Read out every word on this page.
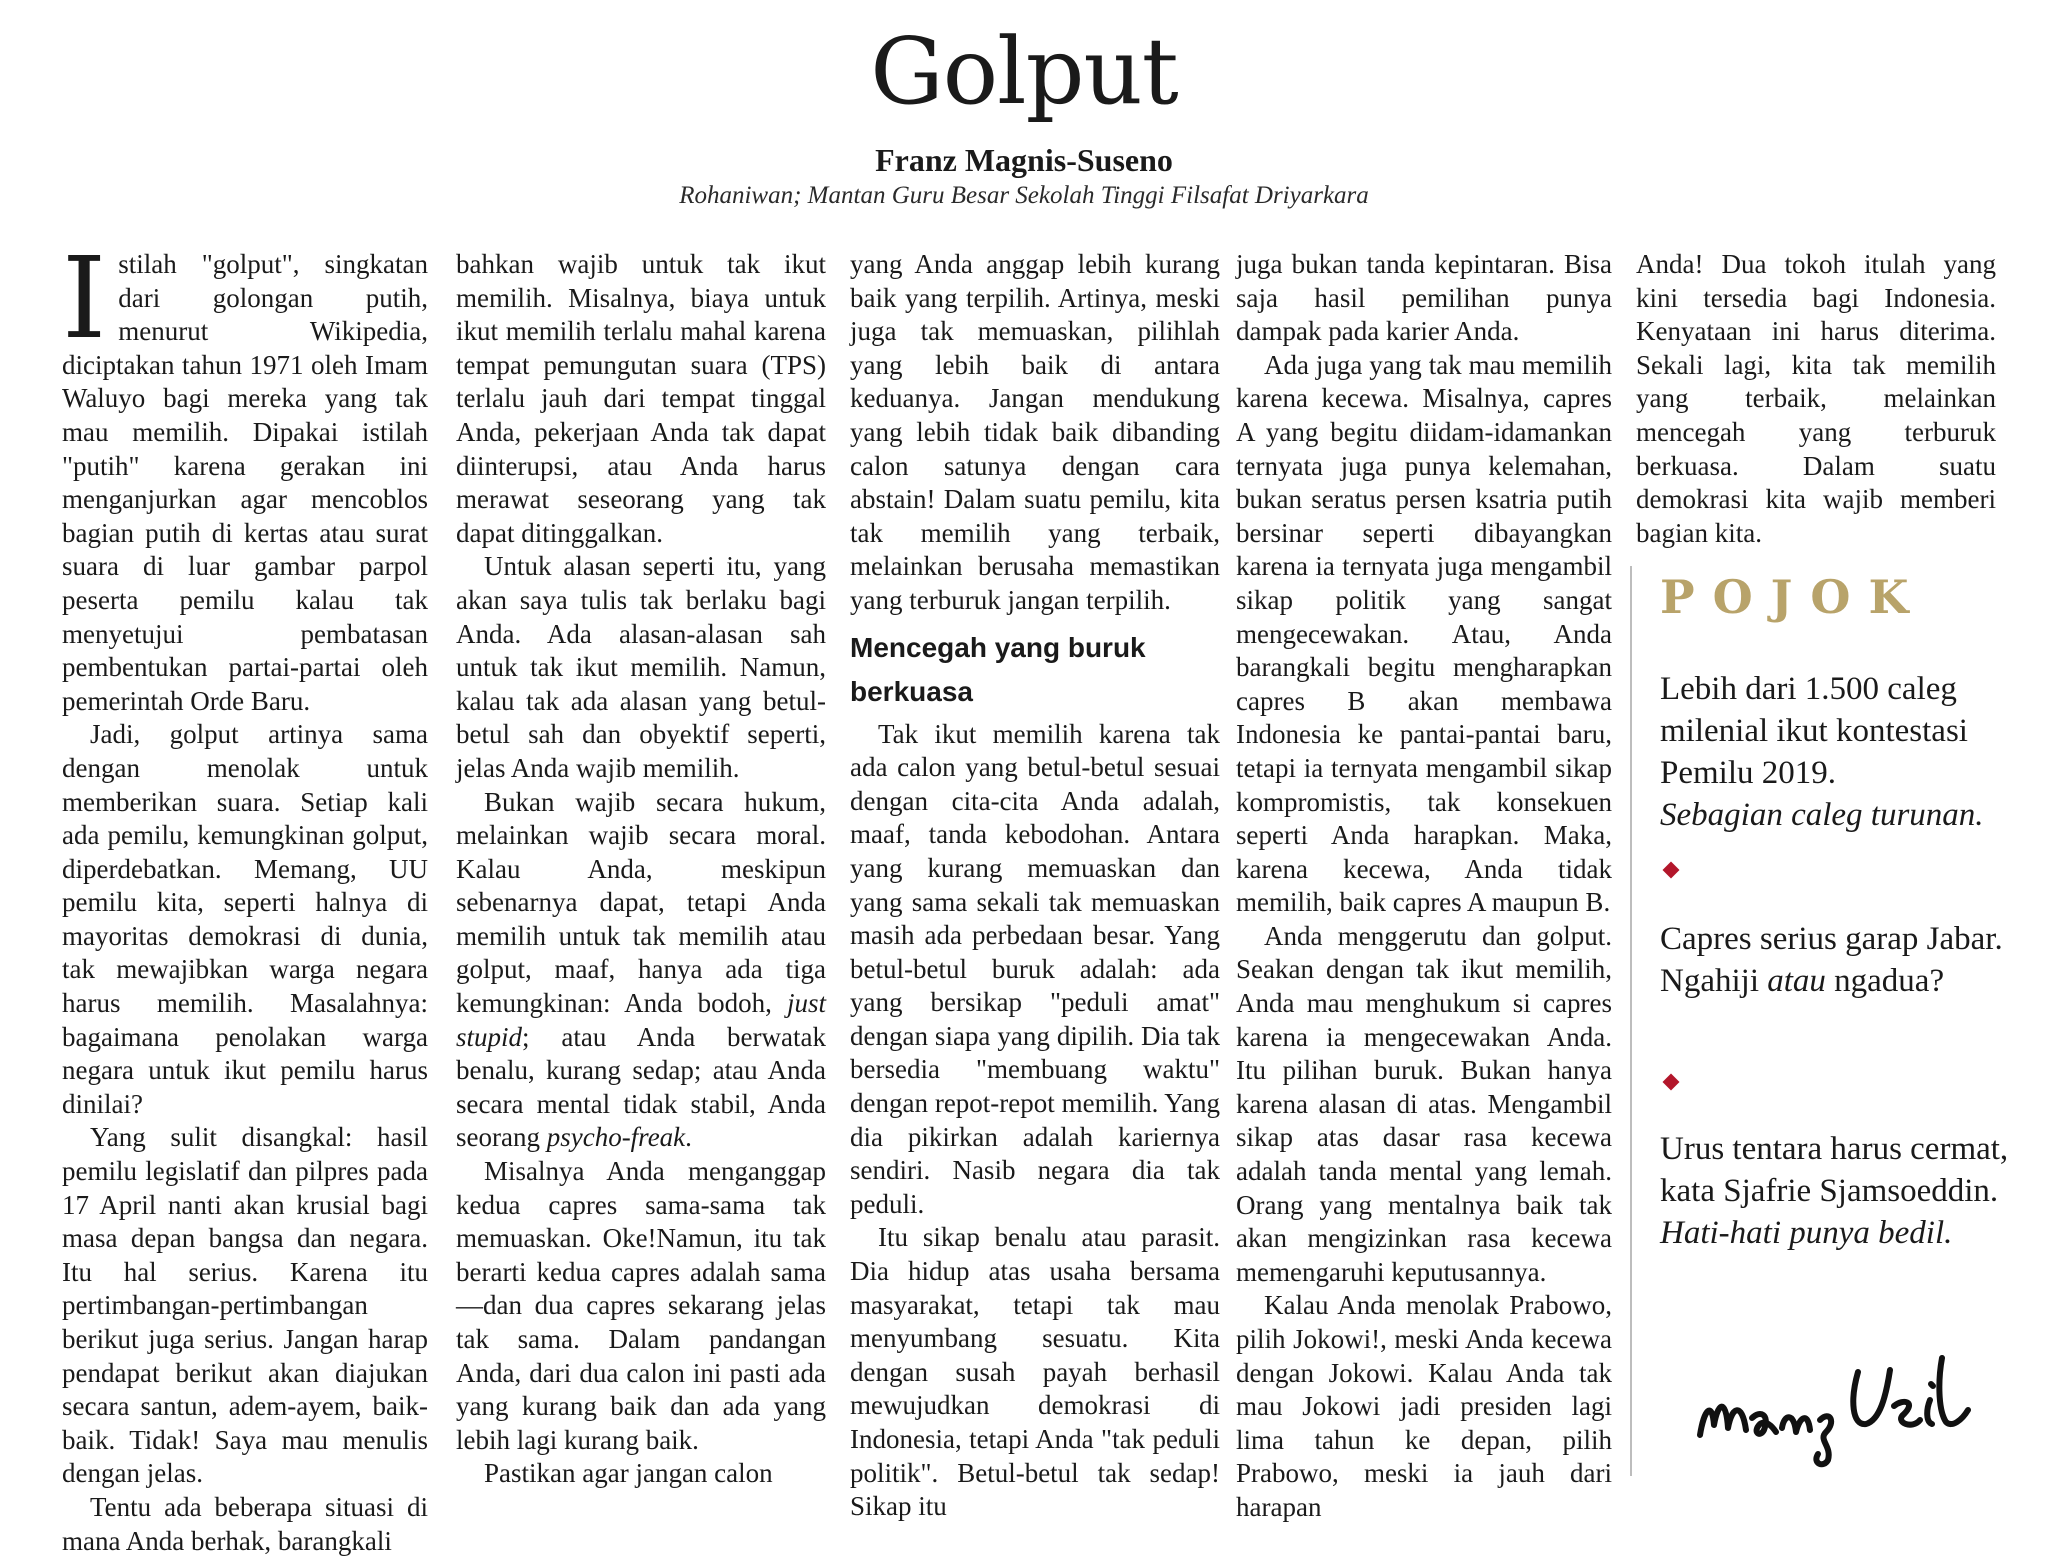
Golput

Franz Magnis-Suseno

Rohaniwan; Mantan Guru Besar Sekolah Tinggi Filsafat Driyarkara

Istilah "golput", singkatan dari golongan putih, menurut Wikipedia, diciptakan tahun 1971 oleh Imam Waluyo bagi mereka yang tak mau memilih. Dipakai istilah "putih" karena gerakan ini menganjurkan agar mencoblos bagian putih di kertas atau surat suara di luar gambar parpol peserta pemilu kalau tak menyetujui pembatasan pembentukan partai-partai oleh pemerintah Orde Baru.

Jadi, golput artinya sama dengan menolak untuk memberikan suara. Setiap kali ada pemilu, kemungkinan golput, diperdebatkan. Memang, UU pemilu kita, seperti halnya di mayoritas demokrasi di dunia, tak mewajibkan warga negara harus memilih. Masalahnya: bagaimana penolakan warga negara untuk ikut pemilu harus dinilai?

Yang sulit disangkal: hasil pemilu legislatif dan pilpres pada 17 April nanti akan krusial bagi masa depan bangsa dan negara. Itu hal serius. Karena itu pertimbangan-pertimbangan berikut juga serius. Jangan harap pendapat berikut akan diajukan secara santun, adem-ayem, baik-baik. Tidak! Saya mau menulis dengan jelas.

Tentu ada beberapa situasi di mana Anda berhak, barangkali

bahkan wajib untuk tak ikut memilih. Misalnya, biaya untuk ikut memilih terlalu mahal karena tempat pemungutan suara (TPS) terlalu jauh dari tempat tinggal Anda, pekerjaan Anda tak dapat diinterupsi, atau Anda harus merawat seseorang yang tak dapat ditinggalkan.

Untuk alasan seperti itu, yang akan saya tulis tak berlaku bagi Anda. Ada alasan-alasan sah untuk tak ikut memilih. Namun, kalau tak ada alasan yang betul-betul sah dan obyektif seperti, jelas Anda wajib memilih.

Bukan wajib secara hukum, melainkan wajib secara moral. Kalau Anda, meskipun sebenarnya dapat, tetapi Anda memilih untuk tak memilih atau golput, maaf, hanya ada tiga kemungkinan: Anda bodoh, just stupid; atau Anda berwatak benalu, kurang sedap; atau Anda secara mental tidak stabil, Anda seorang psycho-freak.

Misalnya Anda menganggap kedua capres sama-sama tak memuaskan. Oke!Namun, itu tak berarti kedua capres adalah sama—dan dua capres sekarang jelas tak sama. Dalam pandangan Anda, dari dua calon ini pasti ada yang kurang baik dan ada yang lebih lagi kurang baik.

Pastikan agar jangan calon

yang Anda anggap lebih kurang baik yang terpilih. Artinya, meski juga tak memuaskan, pilihlah yang lebih baik di antara keduanya. Jangan mendukung yang lebih tidak baik dibanding calon satunya dengan cara abstain! Dalam suatu pemilu, kita tak memilih yang terbaik, melainkan berusaha memastikan yang terburuk jangan terpilih.

Mencegah yang buruk berkuasa

Tak ikut memilih karena tak ada calon yang betul-betul sesuai dengan cita-cita Anda adalah, maaf, tanda kebodohan. Antara yang kurang memuaskan dan yang sama sekali tak memuaskan masih ada perbedaan besar. Yang betul-betul buruk adalah: ada yang bersikap "peduli amat" dengan siapa yang dipilih. Dia tak bersedia "membuang waktu" dengan repot-repot memilih. Yang dia pikirkan adalah kariernya sendiri. Nasib negara dia tak peduli.

Itu sikap benalu atau parasit. Dia hidup atas usaha bersama masyarakat, tetapi tak mau menyumbang sesuatu. Kita dengan susah payah berhasil mewujudkan demokrasi di Indonesia, tetapi Anda "tak peduli politik". Betul-betul tak sedap! Sikap itu

juga bukan tanda kepintaran. Bisa saja hasil pemilihan punya dampak pada karier Anda.

Ada juga yang tak mau memilih karena kecewa. Misalnya, capres A yang begitu diidam-idamankan ternyata juga punya kelemahan, bukan seratus persen ksatria putih bersinar seperti dibayangkan karena ia ternyata juga mengambil sikap politik yang sangat mengecewakan. Atau, Anda barangkali begitu mengharapkan capres B akan membawa Indonesia ke pantai-pantai baru, tetapi ia ternyata mengambil sikap kompromistis, tak konsekuen seperti Anda harapkan. Maka, karena kecewa, Anda tidak memilih, baik capres A maupun B.

Anda menggerutu dan golput. Seakan dengan tak ikut memilih, Anda mau menghukum si capres karena ia mengecewakan Anda. Itu pilihan buruk. Bukan hanya karena alasan di atas. Mengambil sikap atas dasar rasa kecewa adalah tanda mental yang lemah. Orang yang mentalnya baik tak akan mengizinkan rasa kecewa memengaruhi keputusannya.

Kalau Anda menolak Prabowo, pilih Jokowi!, meski Anda kecewa dengan Jokowi. Kalau Anda tak mau Jokowi jadi presiden lagi lima tahun ke depan, pilih Prabowo, meski ia jauh dari harapan

Anda! Dua tokoh itulah yang kini tersedia bagi Indonesia. Kenyataan ini harus diterima. Sekali lagi, kita tak memilih yang terbaik, melainkan mencegah yang terburuk berkuasa. Dalam suatu demokrasi kita wajib memberi bagian kita.

POJOK

Lebih dari 1.500 caleg milenial ikut kontestasi Pemilu 2019.
Sebagian caleg turunan.

Capres serius garap Jabar.
Ngahiji atau ngadua?

Urus tentara harus cermat, kata Sjafrie Sjamsoeddin.
Hati-hati punya bedil.
